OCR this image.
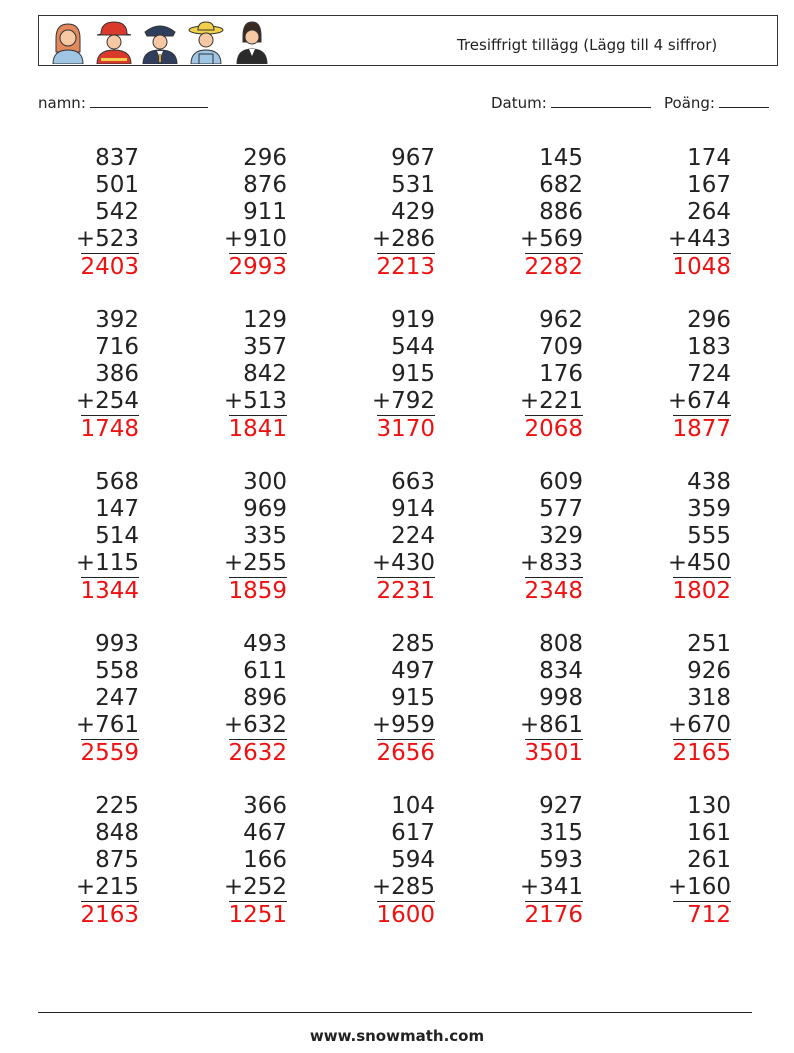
Tresiffrigt tillägg (Lägg till 4 siffror)
namn:	Datum:	Poäng:
837
501
542
+523
2403
296
876
911
+910
2993
967
531
429
+286
2213
145
682
886
+569
2282
174
167
264
+443
1048
392
716
386
+254
1748
129
357
842
+513
1841
919
544
915
+792
3170
962
709
176
+221
2068
296
183
724
+674
1877
568
147
514
+115
1344
300
969
335
+255
1859
663
914
224
+430
2231
609
577
329
+833
2348
438
359
555
+450
1802
993
558
247
+761
2559
493
611
896
+632
2632
285
497
915
+959
2656
808
834
998
+861
3501
251
926
318
+670
2165
225
848
875
+215
2163
366
467
166
+252
1251
104
617
594
+285
1600
927
315
593
+341
2176
130
161
261
+160
712
www.snowmath.com
